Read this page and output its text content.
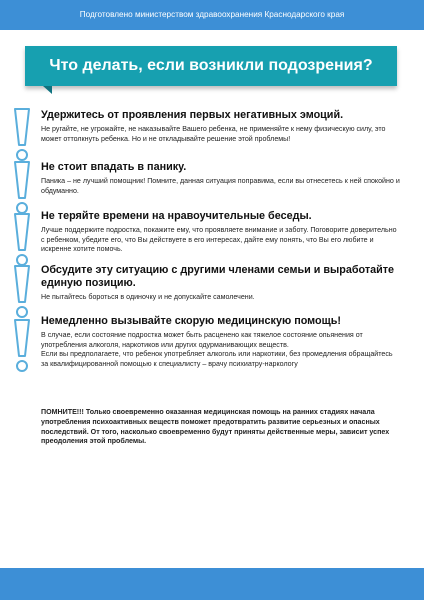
Подготовлено министерством здравоохранения Краснодарского края
Что делать, если возникли подозрения?
Удержитесь от проявления первых негативных эмоций.
Не ругайте, не угрожайте, не наказывайте Вашего ребенка, не применяйте к нему физическую силу, это может оттолкнуть ребенка. Но и не откладывайте решение этой проблемы!
Не стоит впадать в панику.
Паника – не лучший помощник! Помните, данная ситуация поправима, если вы отнесетесь к ней спокойно и обдуманно.
Не теряйте времени на нравоучительные беседы.
Лучше поддержите подростка, покажите ему, что проявляете внимание и заботу. Поговорите доверительно с ребенком, убедите его, что Вы действуете в его интересах, дайте ему понять, что Вы его любите и искренне хотите помочь.
Обсудите эту ситуацию с другими членами семьи и выработайте единую позицию.
Не пытайтесь бороться в одиночку и не допускайте самолечени.
Немедленно вызывайте скорую медицинскую помощь!

В случае, если состояние подростка может быть расценено как тяжелое состояние опьянения от употребления алкоголя, наркотиков или других одурманивающих веществ.

Если вы предполагаете, что ребенок употребляет алкоголь или наркотики, без промедления обращайтесь за квалифицированной помощью к специалисту – врачу психиатру-наркологу

ПОМНИТЕ!!! Только своевременно оказанная медицинская помощь на ранних стадиях начала употребления психоактивных веществ поможет предотвратить развитие серьезных и опасных последствий. От того, насколько своевременно будут приняты действенные меры, зависит успех преодоления этой проблемы.
